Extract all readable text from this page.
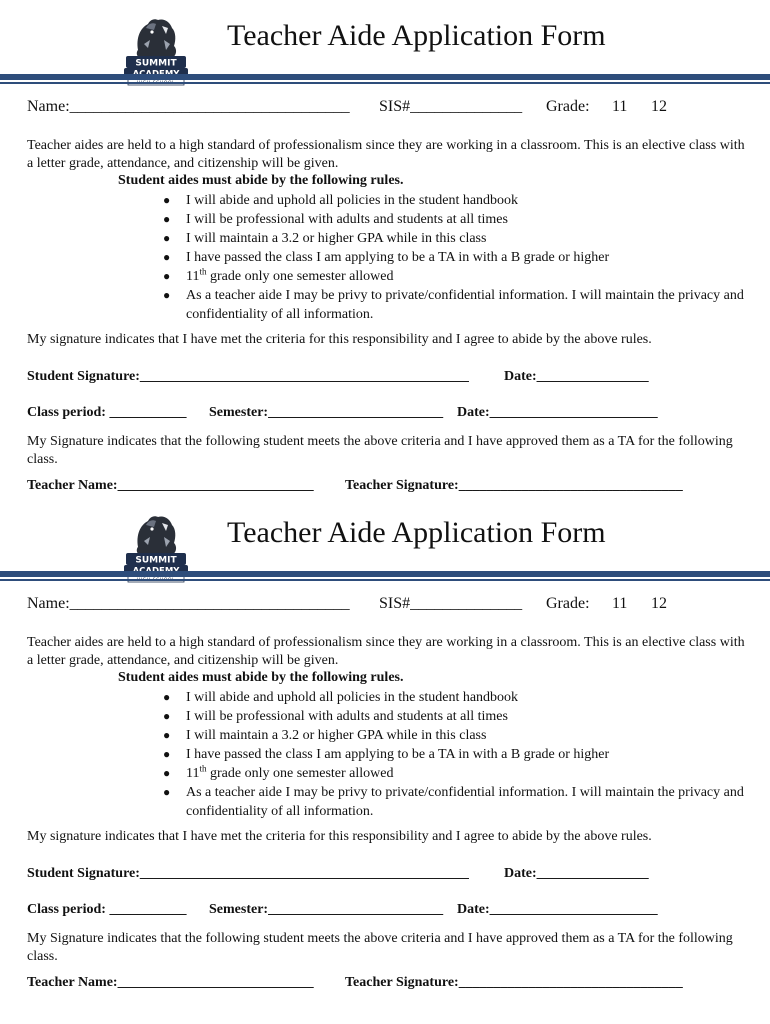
SUMMIT
Teacher Aide Application Form
Name:___________________________________ SIS#______________ Grade: 11 12
Teacher aides are held to a high standard of professionalism since they are working in a classroom. This is an elective class with a letter grade, attendance, and citizenship will be given.
Student aides must abide by the following rules.
● I will abide and uphold all policies in the student handbook
● I will be professional with adults and students at all times
● I will maintain a 3.2 or higher GPA while in this class
● I have passed the class I am applying to be a TA in with a B grade or higher
● 11th grade only one semester allowed
● As a teacher aide I may be privy to private/confidential information. I will maintain the privacy and confidentiality of all information.
My signature indicates that I have met the criteria for this responsibility and I agree to abide by the above rules.
Student Signature:_______________________________________________	Date:________________
Class period: ___________ Semester:_________________________ Date:________________________
My Signature indicates that the following student meets the above criteria and I have approved them as a TA for the following class.
Teacher Name:____________________________ Teacher Signature:________________________________
SUMMIT
Teacher Aide Application Form
Name:___________________________________ SIS#______________ Grade: 11 12
Teacher aides are held to a high standard of professionalism since they are working in a classroom. This is an elective class with a letter grade, attendance, and citizenship will be given.
Student aides must abide by the following rules.
● I will abide and uphold all policies in the student handbook
● I will be professional with adults and students at all times
● I will maintain a 3.2 or higher GPA while in this class
● I have passed the class I am applying to be a TA in with a B grade or higher
● 11th grade only one semester allowed
● As a teacher aide I may be privy to private/confidential information. I will maintain the privacy and confidentiality of all information.
My signature indicates that I have met the criteria for this responsibility and I agree to abide by the above rules.
Student Signature:_______________________________________________	Date:________________
Class period: ___________ Semester:_________________________ Date:________________________
My Signature indicates that the following student meets the above criteria and I have approved them as a TA for the following class.
Teacher Name:____________________________ Teacher Signature:________________________________
